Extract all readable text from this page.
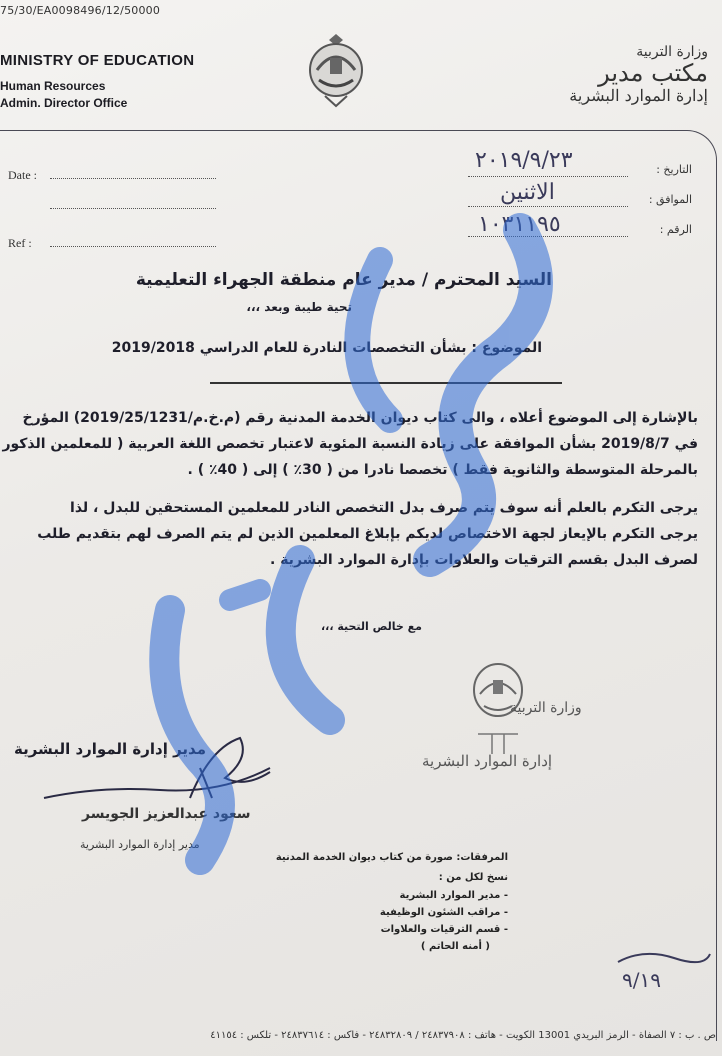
75/30/EA0098496/12/50000
MINISTRY OF EDUCATION
Human Resources
Admin. Director Office
وزارة التربية
مكتب مدير
إدارة الموارد البشرية
Date :
Ref :
التاريخ :
٢٠١٩/٩/٢٣
الموافق :
الاثنين
الرقم :
١٠٣١١٩٥
السيد المحترم / مدير عام منطقة الجهراء التعليمية
تحية طيبة وبعد ،،،
الموضوع : بشأن التخصصات النادرة للعام الدراسي 2019/2018
بالإشارة إلى الموضوع أعلاه ، والى كتاب ديوان الخدمة المدنية رقم (م.خ.م/2019/25/1231) المؤرخ
في 2019/8/7 بشأن الموافقة على زيادة النسبة المئوية لاعتبار تخصص اللغة العربية ( للمعلمين الذكور
بالمرحلة المتوسطة والثانوية فقط ) تخصصا نادرا من ( 30٪ ) إلى ( 40٪ ) .
يرجى التكرم بالعلم أنه سوف يتم صرف بدل التخصص النادر للمعلمين المستحقين للبدل ، لذا
يرجى التكرم بالإيعاز لجهة الاختصاص لديكم بإبلاغ المعلمين الذين لم يتم الصرف لهم بتقديم طلب
لصرف البدل بقسم الترقيات والعلاوات بإدارة الموارد البشرية .
مع خالص التحية ،،،
وزارة التربية
إدارة الموارد البشرية
مدير إدارة الموارد البشرية
سعود عبدالعزيز الجويسر
مدير إدارة الموارد البشرية
المرفقات: صورة من كتاب ديوان الخدمة المدنية
نسخ لكل من :
- مدير الموارد البشرية
- مراقب الشئون الوظيفية
- قسم الترقيات والعلاوات
( أمنه الحاتم )
٩/١٩
ص . ب : ٧ الصفاة - الرمز البريدي 13001 الكويت - هاتف : ٢٤٨٣٧٩٠٨ / ٢٤٨٣٢٨٠٩ - فاكس : ٢٤٨٣٧٦١٤ - تلكس : ٤١١٥٤
